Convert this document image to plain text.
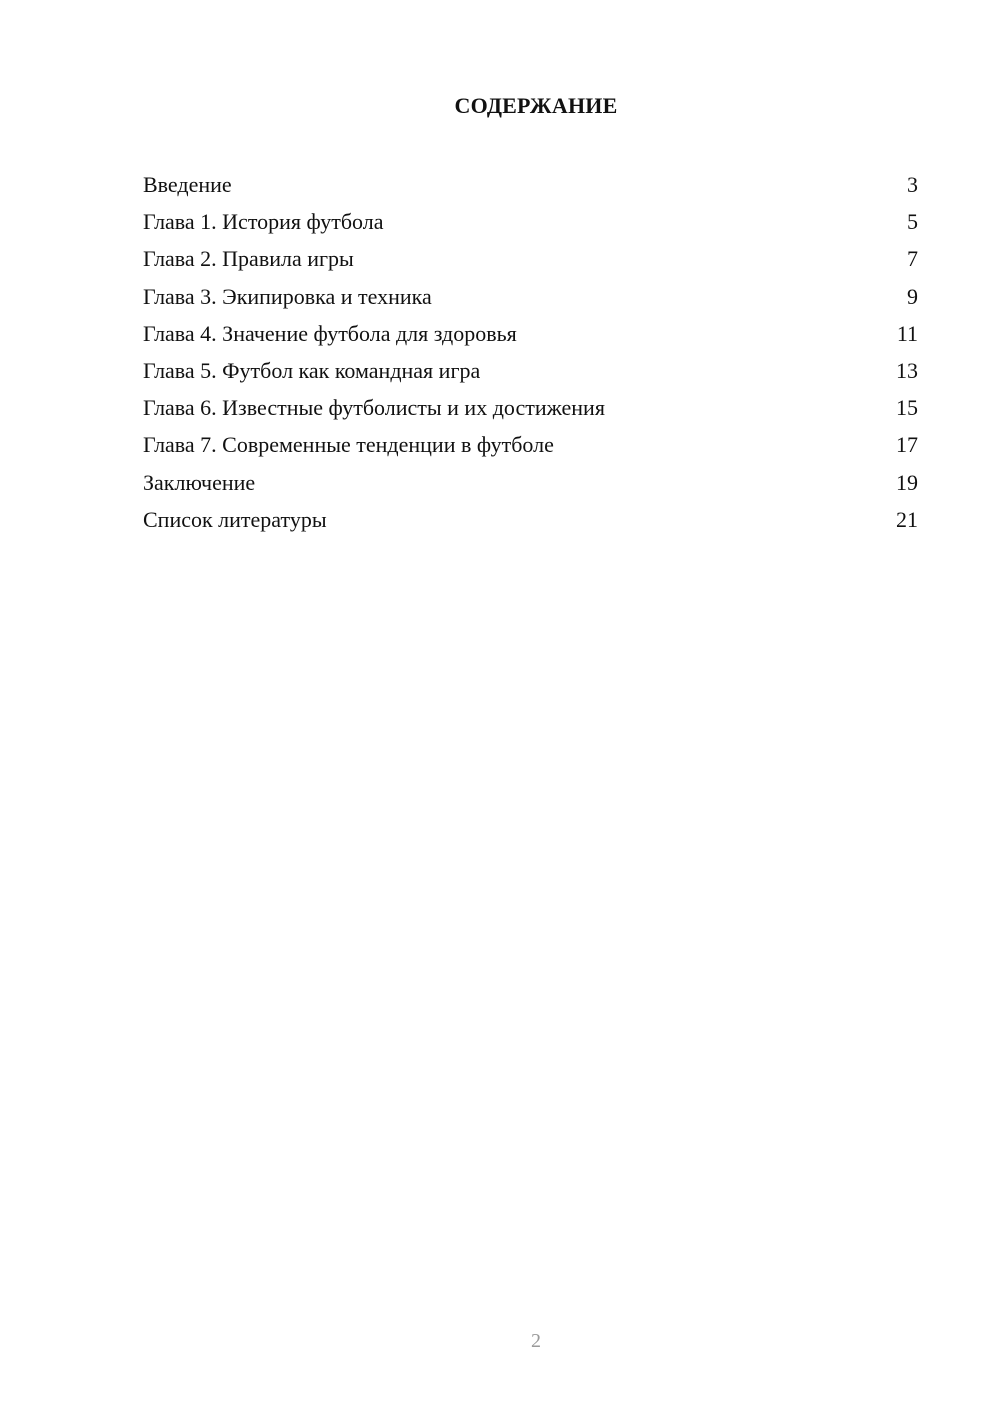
СОДЕРЖАНИЕ
Введение	3
Глава 1. История футбола	5
Глава 2. Правила игры	7
Глава 3. Экипировка и техника	9
Глава 4. Значение футбола для здоровья	11
Глава 5. Футбол как командная игра	13
Глава 6. Известные футболисты и их достижения	15
Глава 7. Современные тенденции в футболе	17
Заключение	19
Список литературы	21
2
